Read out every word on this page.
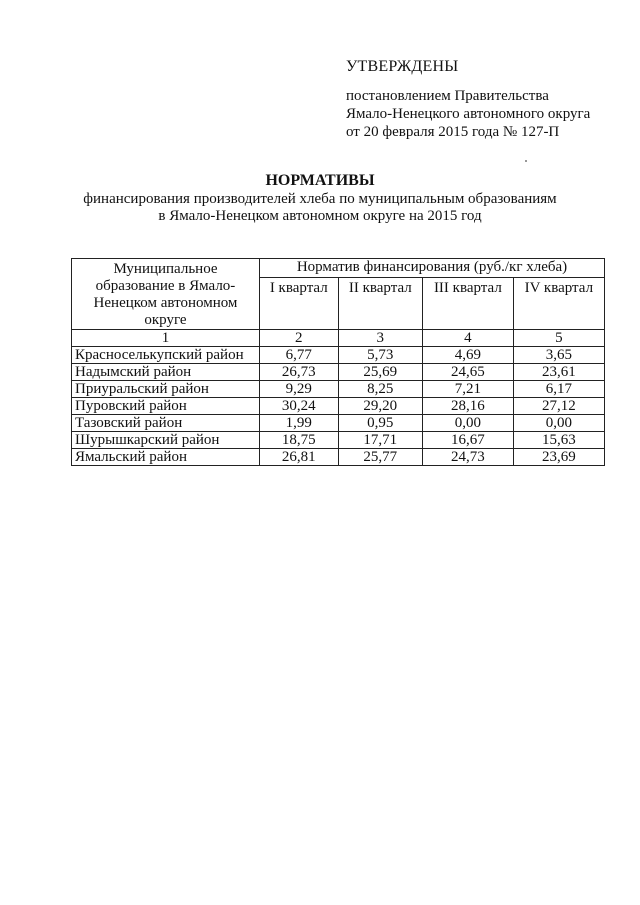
УТВЕРЖДЕНЫ
постановлением Правительства
Ямало-Ненецкого автономного округа
от 20 февраля 2015 года № 127-П
НОРМАТИВЫ
финансирования производителей хлеба по муниципальным образованиям
в Ямало-Ненецком автономном округе на 2015 год
Муниципальное
образование в Ямало-
Ненецком автономном
округе	Норматив финансирования (руб./кг хлеба)			
	I квартал	II квартал	III квартал	IV квартал
1	2	3	4	5
Красноселькупский район	6,77	5,73	4,69	3,65
Надымский район	26,73	25,69	24,65	23,61
Приуральский район	9,29	8,25	7,21	6,17
Пуровский район	30,24	29,20	28,16	27,12
Тазовский район	1,99	0,95	0,00	0,00
Шурышкарский район	18,75	17,71	16,67	15,63
Ямальский район	26,81	25,77	24,73	23,69
